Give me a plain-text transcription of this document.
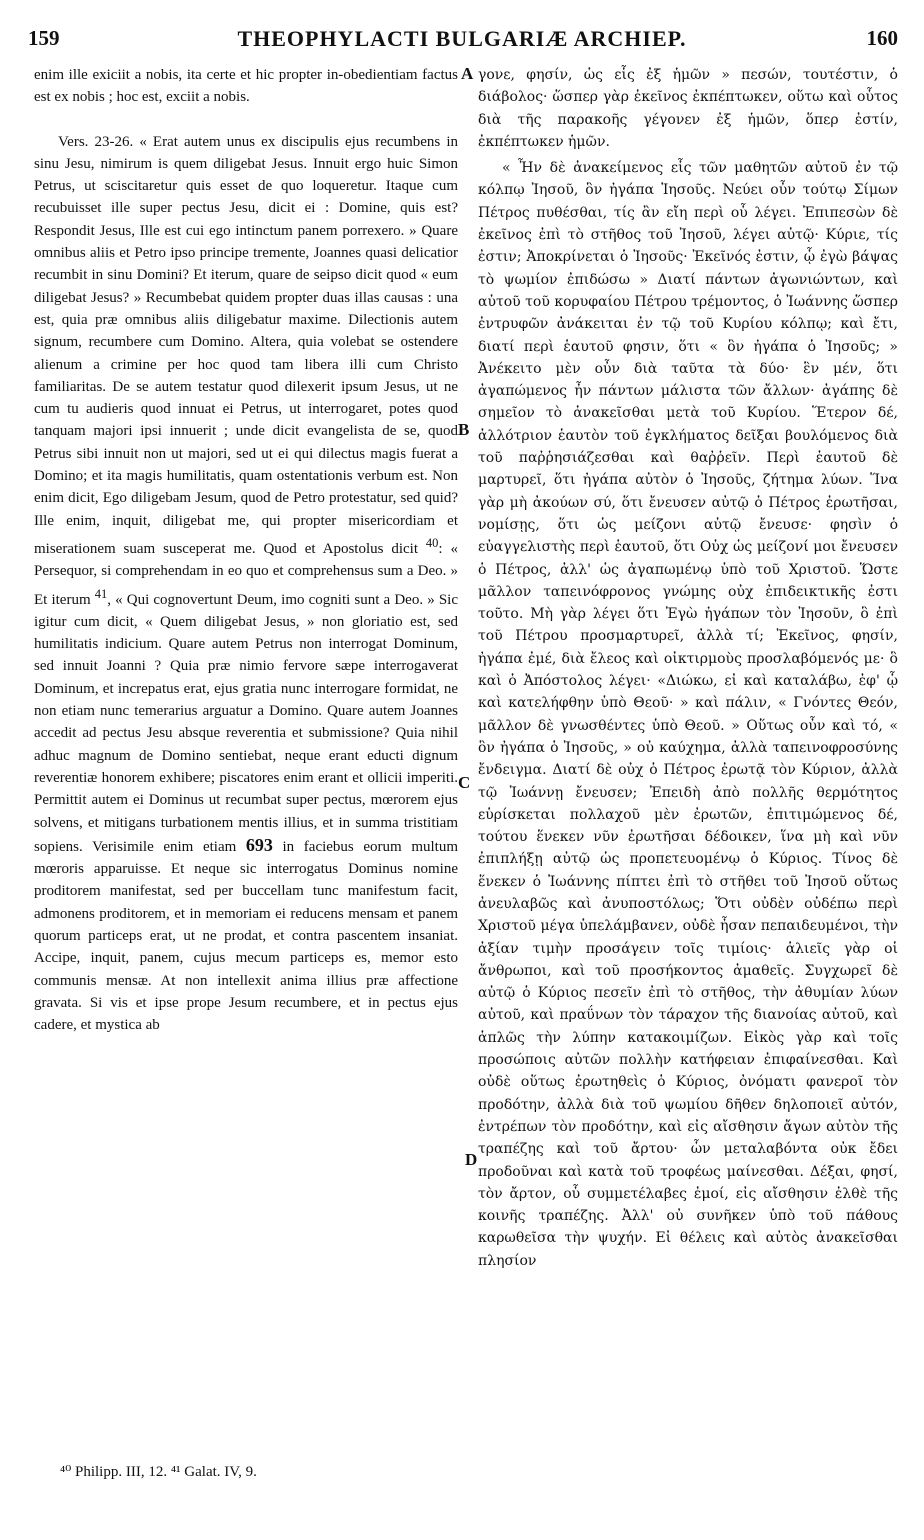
159	THEOPHYLACTI BULGARIÆ ARCHIEP.	160

enim ille exiciit a nobis, ita certe et hic propter in-obedientiam factus est ex nobis ; hoc est, exciit a nobis.

Vers. 23-26. « Erat autem unus ex discipulis ejus recumbens in sinu Jesu, nimirum is quem diligebat Jesus. Innuit ergo huic Simon Petrus, ut sciscitaretur quis esset de quo loqueretur. Itaque cum recubuisset ille super pectus Jesu, dicit ei : Domine, quis est? Respondit Jesus, Ille est cui ego intinctum panem porrexero. » Quare omnibus aliis et Petro ipso principe tremente, Joannes quasi delicatior recumbit in sinu Domini? Et iterum, quare de seipso dicit quod « eum diligebat Jesus? » Recumbebat quidem propter duas illas causas : una est, quia præ omnibus aliis diligebatur maxime. Dilectionis autem signum, recumbere cum Domino. Altera, quia volebat se ostendere alienum a crimine per hoc quod tam libera illi cum Christo familiaritas. De se autem testatur quod dilexerit ipsum Jesus, ut ne cum tu audieris quod innuat ei Petrus, ut interrogaret, potes quod tanquam majori ipsi innuerit ; unde dicit evangelista de se, quod Petrus sibi innuit non ut majori, sed ut ei qui dilectus magis fuerat a Domino; et ita magis humilitatis, quam ostentationis verbum est. Non enim dicit, Ego diligebam Jesum, quod de Petro protestatur, sed quid? Ille enim, inquit, diligebat me, qui propter misericordiam et miserationem suam susceperat me. Quod et Apostolus dicit $^{40}$: « Persequor, si comprehendam in eo quo et comprehensus sum a Deo. » Et iterum $^{41}$, « Qui cognovertunt Deum, imo cogniti sunt a Deo. » Sic igitur cum dicit, « Quem diligebat Jesus, » non gloriatio est, sed humilitatis indicium. Quare autem Petrus non interrogat Dominum, sed innuit Joanni ? Quia præ nimio fervore sæpe interrogaverat Dominum, et increpatus erat, ejus gratia nunc interrogare formidat, ne non etiam nunc temerarius arguatur a Domino. Quare autem Joannes accedit ad pectus Jesu absque reverentia et submissione? Quia nihil adhuc magnum de Domino sentiebat, neque erant educti dignum reverentiæ honorem exhibere; piscatores enim erant et ollicii imperiti. Permittit autem ei Dominus ut recumbat super pectus, mœrorem ejus solvens, et mitigans turbationem mentis illius, et in summa tristitiam sopiens. Verisimile enim etiam 693 in faciebus eorum multum mœroris apparuisse. Et neque sic interrogatus Dominus nomine proditorem manifestat, sed per buccellam tunc manifestum facit, admonens proditorem, et in memoriam ei reducens mensam et panem quorum particeps erat, ut ne prodat, et contra pascentem insaniat. Accipe, inquit, panem, cujus mecum particeps es, memor esto communis mensæ. At non intellexit anima illius præ affectione gravata. Si vis et ipse prope Jesum recumbere, et in pectus ejus cadere, et mystica ab

A
B
C
D

γονε, φησίν, ὡς εἷς ἐξ ἡμῶν » πεσών, τουτέστιν, ὁ διάβολος· ὥσπερ γὰρ ἐκεῖνος ἐκπέπτωκεν, οὕτω καὶ οὗτος διὰ τῆς παρακοῆς γέγονεν ἐξ ἡμῶν, ὅπερ ἐστίν, ἐκπέπτωκεν ἡμῶν.

« Ἦν δὲ ἀνακείμενος εἷς τῶν μαθητῶν αὐτοῦ ἐν τῷ κόλπῳ Ἰησοῦ, ὃν ἠγάπα Ἰησοῦς. Νεύει οὖν τούτῳ Σίμων Πέτρος πυθέσθαι, τίς ἂν εἴη περὶ οὗ λέγει. Ἐπιπεσὼν δὲ ἐκεῖνος ἐπὶ τὸ στῆθος τοῦ Ἰησοῦ, λέγει αὐτῷ· Κύριε, τίς ἐστιν; Ἀποκρίνεται ὁ Ἰησοῦς· Ἐκεῖνός ἐστιν, ᾧ ἐγὼ βάψας τὸ ψωμίον ἐπιδώσω » Διατί πάντων ἀγωνιώντων, καὶ αὐτοῦ τοῦ κορυφαίου Πέτρου τρέμοντος, ὁ Ἰωάννης ὥσπερ ἐντρυφῶν ἀνάκειται ἐν τῷ τοῦ Κυρίου κόλπῳ; καὶ ἔτι, διατί περὶ ἑαυτοῦ φησιν, ὅτι « ὃν ἠγάπα ὁ Ἰησοῦς; » Ἀνέκειτο μὲν οὖν διὰ ταῦτα τὰ δύο· ἓν μέν, ὅτι ἀγαπώμενος ἦν πάντων μάλιστα τῶν ἄλλων· ἀγάπης δὲ σημεῖον τὸ ἀνακεῖσθαι μετὰ τοῦ Κυρίου. Ἕτερον δέ, ἀλλότριον ἑαυτὸν τοῦ ἐγκλήματος δεῖξαι βουλόμενος διὰ τοῦ παῤῥησιάζεσθαι καὶ θαῤῥεῖν. Περὶ ἑαυτοῦ δὲ μαρτυρεῖ, ὅτι ἠγάπα αὐτὸν ὁ Ἰησοῦς, ζήτημα λύων. Ἵνα γὰρ μὴ ἀκούων σύ, ὅτι ἔνευσεν αὐτῷ ὁ Πέτρος ἐρωτῆσαι, νομίσῃς, ὅτι ὡς μείζονι αὐτῷ ἔνευσε· φησὶν ὁ εὐαγγελιστὴς περὶ ἑαυτοῦ, ὅτι Οὐχ ὡς μείζονί μοι ἔνευσεν ὁ Πέτρος, ἀλλ' ὡς ἀγαπωμένῳ ὑπὸ τοῦ Χριστοῦ. Ὥστε μᾶλλον ταπεινόφρονος γνώμης οὐχ ἐπιδεικτικῆς ἐστι τοῦτο. Μὴ γὰρ λέγει ὅτι Ἐγὼ ἠγάπων τὸν Ἰησοῦν, ὃ ἐπὶ τοῦ Πέτρου προσμαρτυρεῖ, ἀλλὰ τί; Ἐκεῖνος, φησίν, ἠγάπα ἐμέ, διὰ ἔλεος καὶ οἰκτιρμοὺς προσλαβόμενός με· ὃ καὶ ὁ Ἀπόστολος λέγει· «Διώκω, εἰ καὶ καταλάβω, ἐφ' ᾧ καὶ κατελήφθην ὑπὸ Θεοῦ· » καὶ πάλιν, « Γνόντες Θεόν, μᾶλλον δὲ γνωσθέντες ὑπὸ Θεοῦ. » Οὕτως οὖν καὶ τό, « ὃν ἠγάπα ὁ Ἰησοῦς, » οὐ καύχημα, ἀλλὰ ταπεινοφροσύνης ἔνδειγμα. Διατί δὲ οὐχ ὁ Πέτρος ἐρωτᾷ τὸν Κύριον, ἀλλὰ τῷ Ἰωάννῃ ἔνευσεν; Ἐπειδὴ ἀπὸ πολλῆς θερμότητος εὑρίσκεται πολλαχοῦ μὲν ἐρωτῶν, ἐπιτιμώμενος δέ, τούτου ἕνεκεν νῦν ἐρωτῆσαι δέδοικεν, ἵνα μὴ καὶ νῦν ἐπιπλήξῃ αὐτῷ ὡς προπετευομένῳ ὁ Κύριος. Τίνος δὲ ἕνεκεν ὁ Ἰωάννης πίπτει ἐπὶ τὸ στῆθει τοῦ Ἰησοῦ οὕτως ἀνευλαβῶς καὶ ἀνυποστόλως; Ὅτι οὐδὲν οὐδέπω περὶ Χριστοῦ μέγα ὑπελάμβανεν, οὐδὲ ἦσαν πεπαιδευμένοι, τὴν ἀξίαν τιμὴν προσάγειν τοῖς τιμίοις· ἁλιεῖς γὰρ οἱ ἄνθρωποι, καὶ τοῦ προσήκοντος ἀμαθεῖς. Συγχωρεῖ δὲ αὐτῷ ὁ Κύριος πεσεῖν ἐπὶ τὸ στῆθος, τὴν ἀθυμίαν λύων αὐτοῦ, καὶ πραΰνων τὸν τάραχον τῆς διανοίας αὐτοῦ, καὶ ἁπλῶς τὴν λύπην κατακοιμίζων. Εἰκὸς γὰρ καὶ τοῖς προσώποις αὐτῶν πολλὴν κατήφειαν ἐπιφαίνεσθαι. Καὶ οὐδὲ οὕτως ἐρωτηθεὶς ὁ Κύριος, ὀνόματι φανεροῖ τὸν προδότην, ἀλλὰ διὰ τοῦ ψωμίου δῆθεν δηλοποιεῖ αὐτόν, ἐντρέπων τὸν προδότην, καὶ εἰς αἴσθησιν ἄγων αὐτὸν τῆς τραπέζης καὶ τοῦ ἄρτου· ὧν μεταλαβόντα οὐκ ἔδει προδοῦναι καὶ κατὰ τοῦ τροφέως μαίνεσθαι. Δέξαι, φησί, τὸν ἄρτον, οὗ συμμετέλαβες ἐμοί, εἰς αἴσθησιν ἐλθὲ τῆς κοινῆς τραπέζης. Ἀλλ' οὐ συνῆκεν ὑπὸ τοῦ πάθους καρωθεῖσα τὴν ψυχήν. Εἰ θέλεις καὶ αὐτὸς ἀνακεῖσθαι πλησίον

⁴⁰ Philipp. III, 12. ⁴¹ Galat. IV, 9.
